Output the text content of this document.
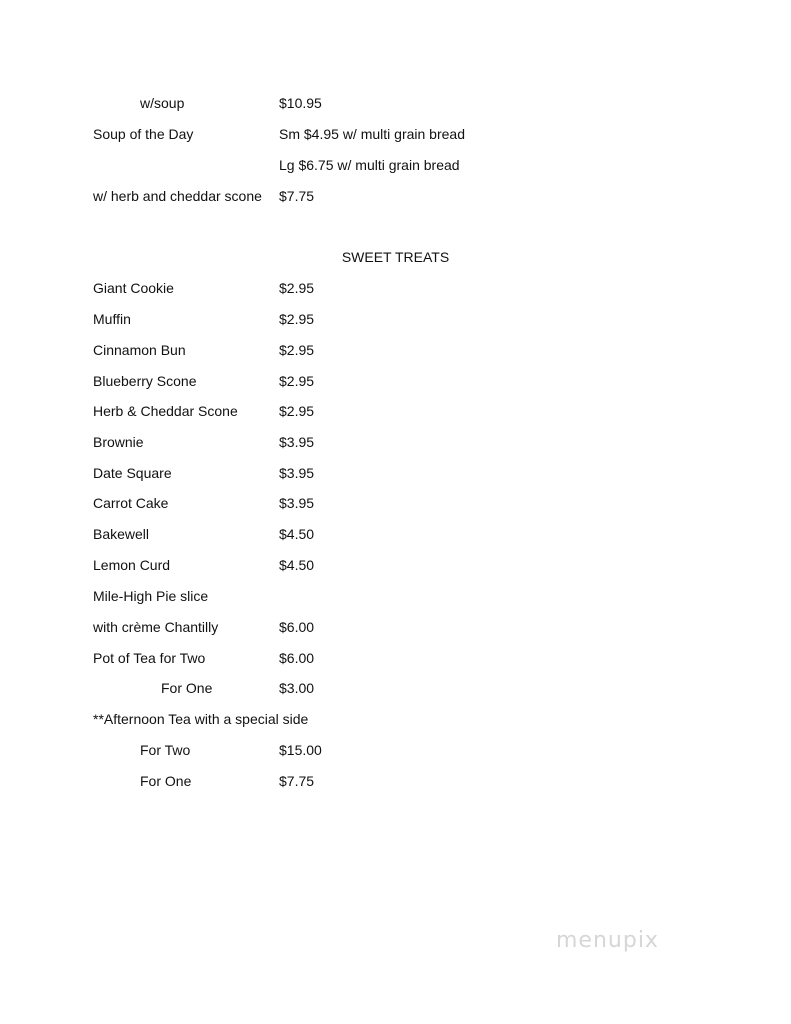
w/soup	$10.95
Soup of the Day	Sm $4.95 w/ multi grain bread
Lg $6.75 w/ multi grain bread
w/ herb and cheddar scone $7.75
SWEET TREATS
Giant Cookie	$2.95
Muffin	$2.95
Cinnamon Bun	$2.95
Blueberry Scone	$2.95
Herb & Cheddar Scone	$2.95
Brownie	$3.95
Date Square	$3.95
Carrot Cake	$3.95
Bakewell	$4.50
Lemon Curd	$4.50
Mile-High Pie slice
with crème Chantilly	$6.00
Pot of Tea for Two	$6.00
For One	$3.00
**Afternoon Tea with a special side
For Two	$15.00
For One	$7.75
menupix
